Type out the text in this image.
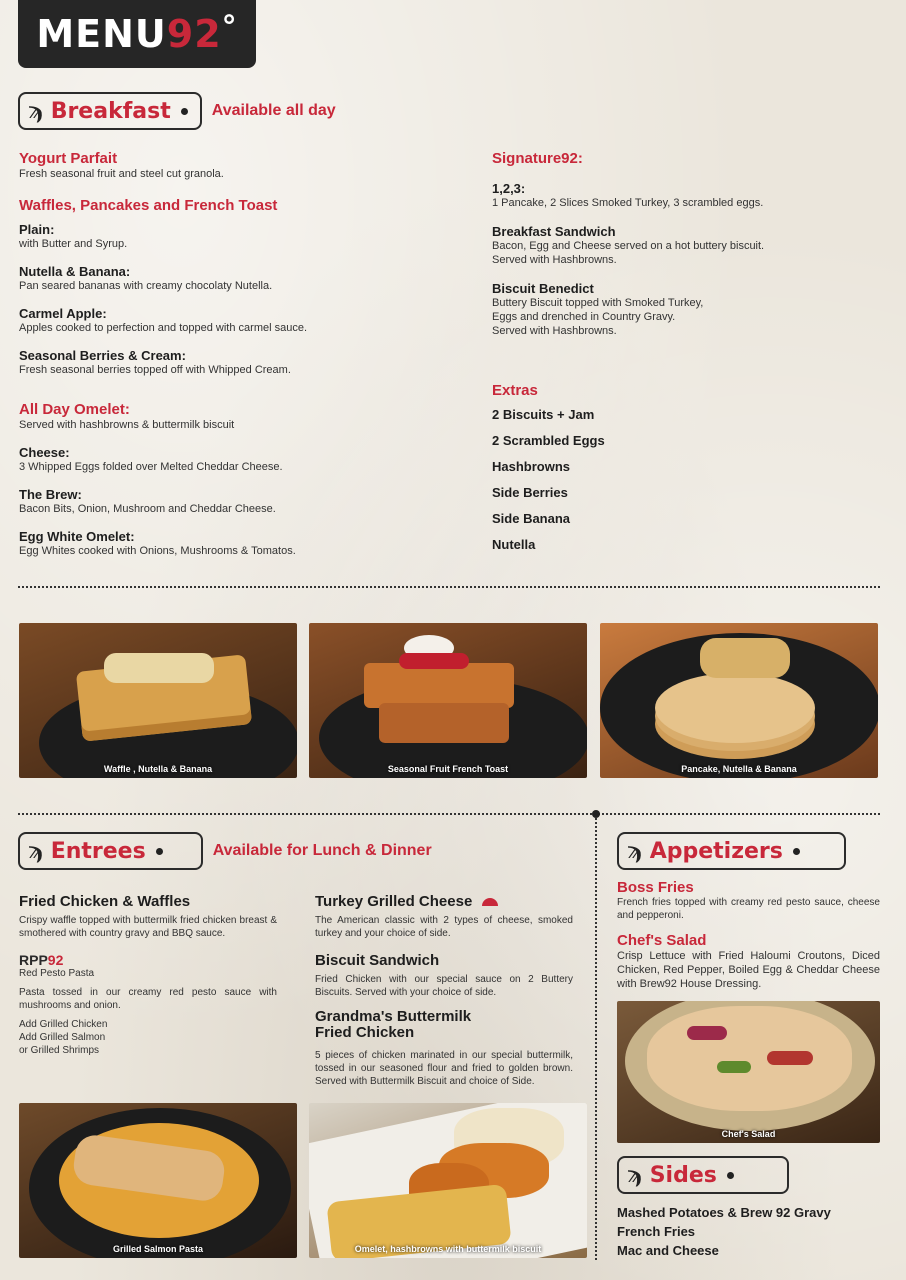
MENU92°
ϡ Breakfast	Available all day
Yogurt Parfait
Fresh seasonal fruit and steel cut granola.
Waffles, Pancakes and French Toast
Plain:
with Butter and Syrup.
Nutella & Banana:
Pan seared bananas with creamy chocolaty Nutella.
Carmel Apple:
Apples cooked to perfection and topped with carmel sauce.
Seasonal Berries & Cream:
Fresh seasonal berries topped off with Whipped Cream.
All Day Omelet:
Served with hashbrowns & buttermilk biscuit
Cheese:
3 Whipped Eggs folded over Melted Cheddar Cheese.
The Brew:
Bacon Bits, Onion, Mushroom and Cheddar Cheese.
Egg White Omelet:
Egg Whites cooked with Onions, Mushrooms & Tomatos.
Signature92:
1,2,3:
1 Pancake, 2 Slices Smoked Turkey, 3 scrambled eggs.
Breakfast Sandwich
Bacon, Egg and Cheese served on a hot buttery biscuit.
Served with Hashbrowns.
Biscuit Benedict
Buttery Biscuit topped with Smoked Turkey,
Eggs and drenched in Country Gravy.
Served with Hashbrowns.
Extras
2 Biscuits + Jam
2 Scrambled Eggs
Hashbrowns
Side Berries
Side Banana
Nutella
Waffle , Nutella & Banana	Seasonal Fruit French Toast	Pancake, Nutella & Banana
ϡ Entrees	Available for Lunch & Dinner
Fried Chicken & Waffles
Crispy waffle topped with buttermilk fried chicken breast & smothered with country gravy and BBQ sauce.
RPP92
Red Pesto Pasta
Pasta tossed in our creamy red pesto sauce with mushrooms and onion.
Add Grilled Chicken
Add Grilled Salmon
or Grilled Shrimps
Turkey Grilled Cheese
The American classic with 2 types of cheese, smoked turkey and your choice of side.
Biscuit Sandwich
Fried Chicken with our special sauce on 2 Buttery Biscuits. Served with your choice of side.
Grandma's Buttermilk
Fried Chicken
5 pieces of chicken marinated in our special buttermilk, tossed in our seasoned flour and fried to golden brown. Served with Buttermilk Biscuit and choice of Side.
Grilled Salmon Pasta	Omelet, hashbrowns with buttermilk biscuit
ϡ Appetizers
Boss Fries
French fries topped with creamy red pesto sauce, cheese and pepperoni.
Chef's Salad
Crisp Lettuce with Fried Haloumi Croutons, Diced Chicken, Red Pepper, Boiled Egg & Cheddar Cheese with Brew92 House Dressing.
Chef's Salad
ϡ Sides
Mashed Potatoes & Brew 92 Gravy
French Fries
Mac and Cheese
